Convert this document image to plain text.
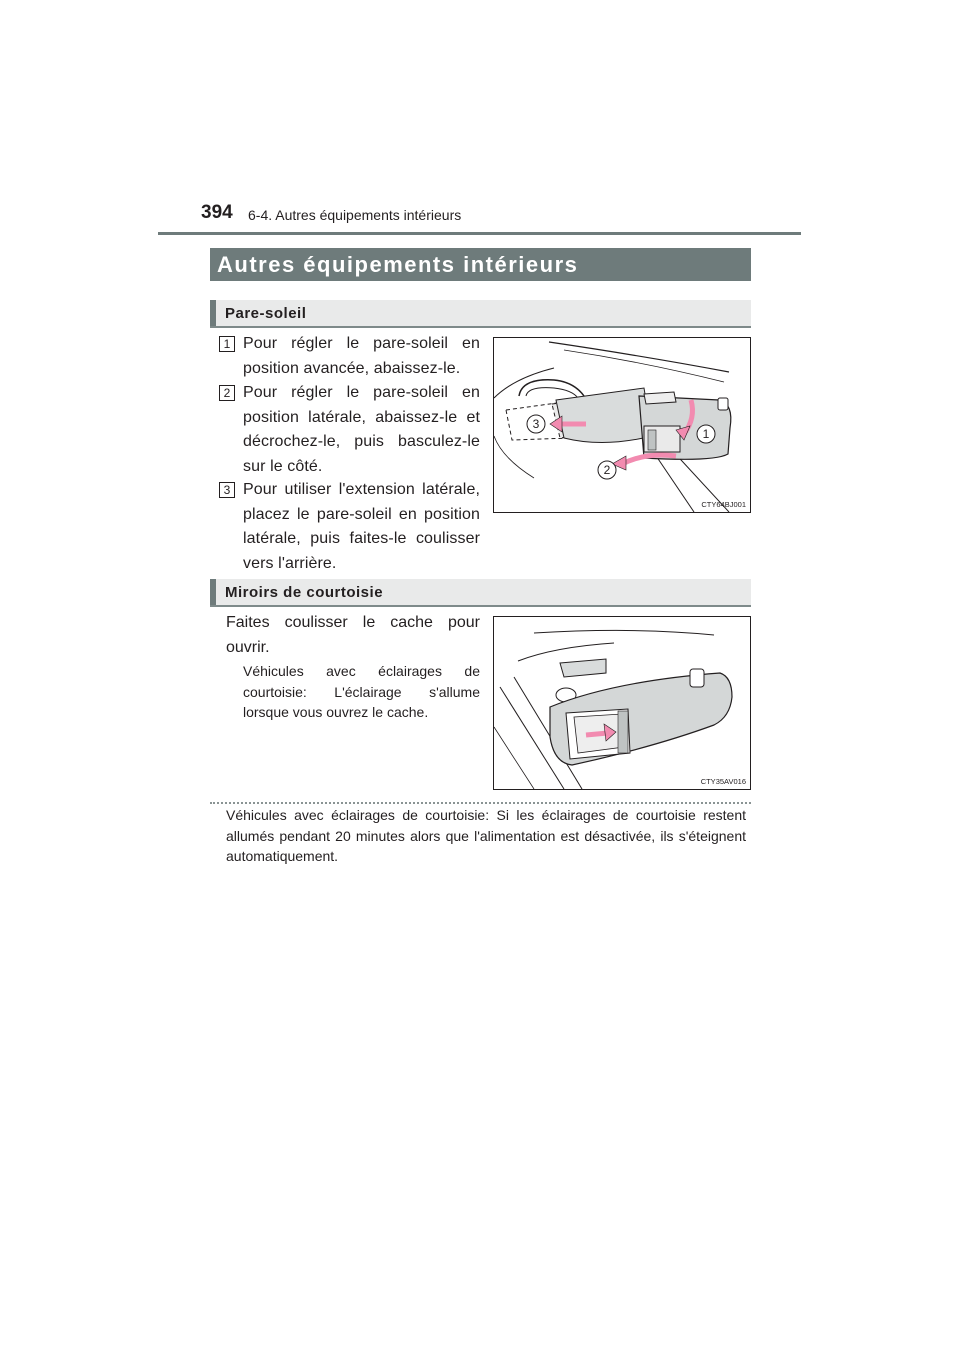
394 6-4. Autres équipements intérieurs
Autres équipements intérieurs
Pare-soleil
1 Pour régler le pare-soleil en position avancée, abaissez-le.
2 Pour régler le pare-soleil en position latérale, abaissez-le et décrochez-le, puis basculez-le sur le côté.
3 Pour utiliser l'extension latérale, placez le pare-soleil en position latérale, puis faites-le coulisser vers l'arrière.
3
1
2
CTY64BJ001
Miroirs de courtoisie
Faites coulisser le cache pour ouvrir.
Véhicules avec éclairages de courtoisie: L'éclairage s'allume lorsque vous ouvrez le cache.
CTY35AV016
Véhicules avec éclairages de courtoisie: Si les éclairages de courtoisie restent allumés pendant 20 minutes alors que l'alimentation est désactivée, ils s'éteignent automatiquement.
